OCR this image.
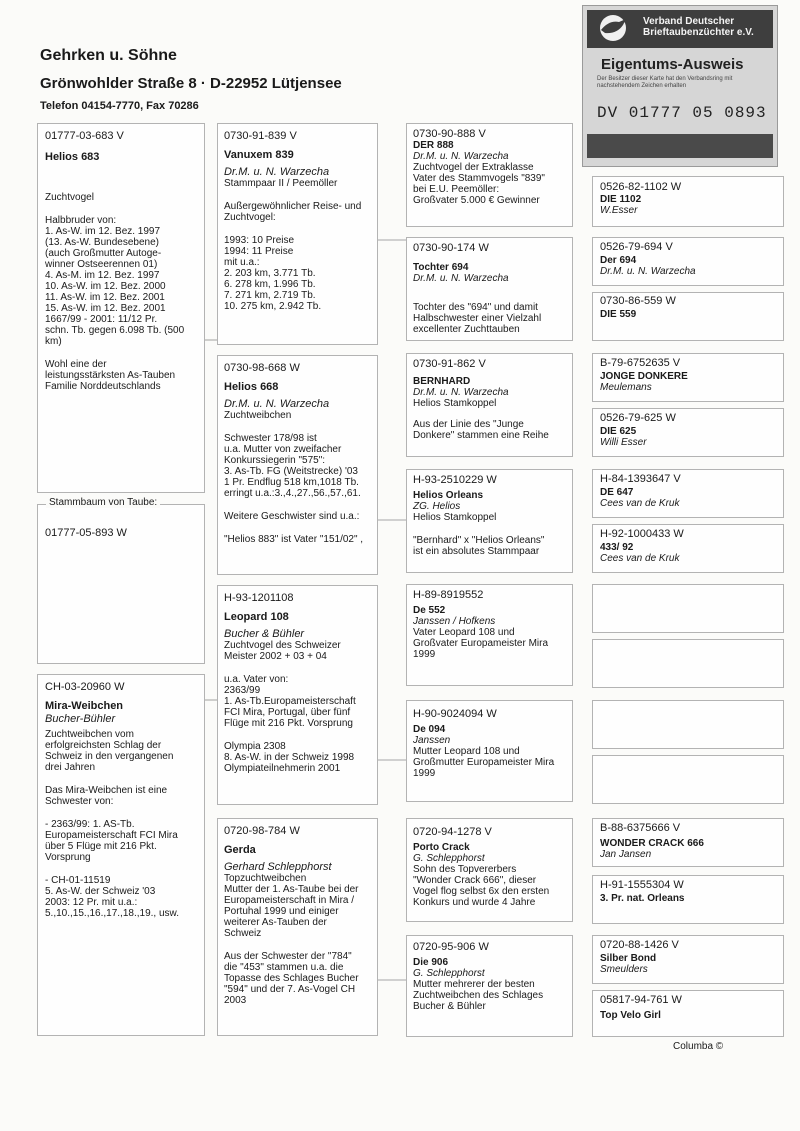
Gehrken u. Söhne
Grönwohlder Straße 8 · D-22952 Lütjensee
Telefon 04154-7770, Fax 70286
Verband Deutscher
Brieftaubenzüchter e.V.
Eigentums-Ausweis
Der Besitzer dieser Karte hat den Verbandsring mit nachstehendem Zeichen erhalten
DV 01777 05 0893
01777-03-683 V
Helios 683
Zuchtvogel
Halbbruder von:
1. As-W. im 12. Bez. 1997
(13. As-W. Bundesebene)
(auch Großmutter Autoge-
winner Ostseerennen 01)
4. As-M. im 12. Bez. 1997
10. As-W. im 12. Bez. 2000
11. As-W. im 12. Bez. 2001
15. As-W. im 12. Bez. 2001
1667/99 - 2001: 11/12 Pr.
schn. Tb. gegen 6.098 Tb. (500
km)
Wohl eine der
leistungsstärksten As-Tauben
Familie Norddeutschlands
Stammbaum von Taube:
01777-05-893 W
CH-03-20960 W
Mira-Weibchen
Bucher-Bühler
Zuchtweibchen vom
erfolgreichsten Schlag der
Schweiz in den vergangenen
drei Jahren
Das Mira-Weibchen ist eine
Schwester von:
- 2363/99: 1. AS-Tb.
Europameisterschaft FCI Mira
über 5 Flüge mit 216 Pkt.
Vorsprung
- CH-01-11519
5. As-W. der Schweiz '03
2003: 12 Pr. mit u.a.:
5.,10.,15.,16.,17.,18.,19., usw.
0730-91-839 V
Vanuxem 839
Dr.M. u. N. Warzecha
Stammpaar II / Peemöller
Außergewöhnlicher Reise- und
Zuchtvogel:
1993: 10 Preise
1994: 11 Preise
mit u.a.:
2. 203 km, 3.771 Tb.
6. 278 km, 1.996 Tb.
7. 271 km, 2.719 Tb.
10. 275 km, 2.942 Tb.
0730-98-668 W
Helios 668
Dr.M. u. N. Warzecha
Zuchtweibchen
Schwester 178/98 ist
u.a. Mutter von zweifacher
Konkurssiegerin "575":
3. As-Tb. FG (Weitstrecke) '03
1 Pr. Endflug 518 km,1018 Tb.
erringt u.a.:3.,4.,27.,56.,57.,61.
Weitere Geschwister sind u.a.:
"Helios 883" ist Vater "151/02" ,
H-93-1201108
Leopard 108
Bucher & Bühler
Zuchtvogel des Schweizer
Meister 2002 + 03 + 04
u.a. Vater von:
2363/99
1. As-Tb.Europameisterschaft
FCI Mira, Portugal, über fünf
Flüge mit 216 Pkt. Vorsprung
Olympia 2308
8. As-W. in der Schweiz 1998
Olympiateilnehmerin 2001
0720-98-784 W
Gerda
Gerhard Schlepphorst
Topzuchtweibchen
Mutter der 1. As-Taube bei der
Europameisterschaft in Mira /
Portuhal 1999 und einiger
weiterer As-Tauben der
Schweiz
Aus der Schwester der "784"
die "453" stammen u.a. die
Topasse des Schlages Bucher
"594" und der 7. As-Vogel CH
2003
0730-90-888 V
DER 888
Dr.M. u. N. Warzecha
Zuchtvogel der Extraklasse
Vater des Stammvogels "839"
bei E.U. Peemöller:
Großvater 5.000 € Gewinner
0730-90-174 W
Tochter 694
Dr.M. u. N. Warzecha
Tochter des "694" und damit
Halbschwester einer Vielzahl
excellenter Zuchttauben
0730-91-862 V
BERNHARD
Dr.M. u. N. Warzecha
Helios Stamkoppel
Aus der Linie des "Junge
Donkere" stammen eine Reihe
H-93-2510229 W
Helios Orleans
ZG. Helios
Helios Stamkoppel
"Bernhard" x "Helios Orleans"
ist ein absolutes Stammpaar
H-89-8919552
De 552
Janssen / Hofkens
Vater Leopard 108 und
Großvater Europameister Mira
1999
H-90-9024094 W
De 094
Janssen
Mutter Leopard 108 und
Großmutter Europameister Mira
1999
0720-94-1278 V
Porto Crack
G. Schlepphorst
Sohn des Topvererbers
"Wonder Crack 666", dieser
Vogel flog selbst 6x den ersten
Konkurs und wurde 4 Jahre
0720-95-906 W
Die 906
G. Schlepphorst
Mutter mehrerer der besten
Zuchtweibchen des Schlages
Bucher & Bühler
0526-82-1102 W
DIE 1102
W.Esser
0526-79-694 V
Der 694
Dr.M. u. N. Warzecha
0730-86-559 W
DIE 559
B-79-6752635 V
JONGE DONKERE
Meulemans
0526-79-625 W
DIE 625
Willi Esser
H-84-1393647 V
DE 647
Cees van de Kruk
H-92-1000433 W
433/ 92
Cees van de Kruk
B-88-6375666 V
WONDER CRACK 666
Jan Jansen
H-91-1555304 W
3. Pr. nat. Orleans
0720-88-1426 V
Silber Bond
Smeulders
05817-94-761 W
Top Velo Girl
Columba ©
